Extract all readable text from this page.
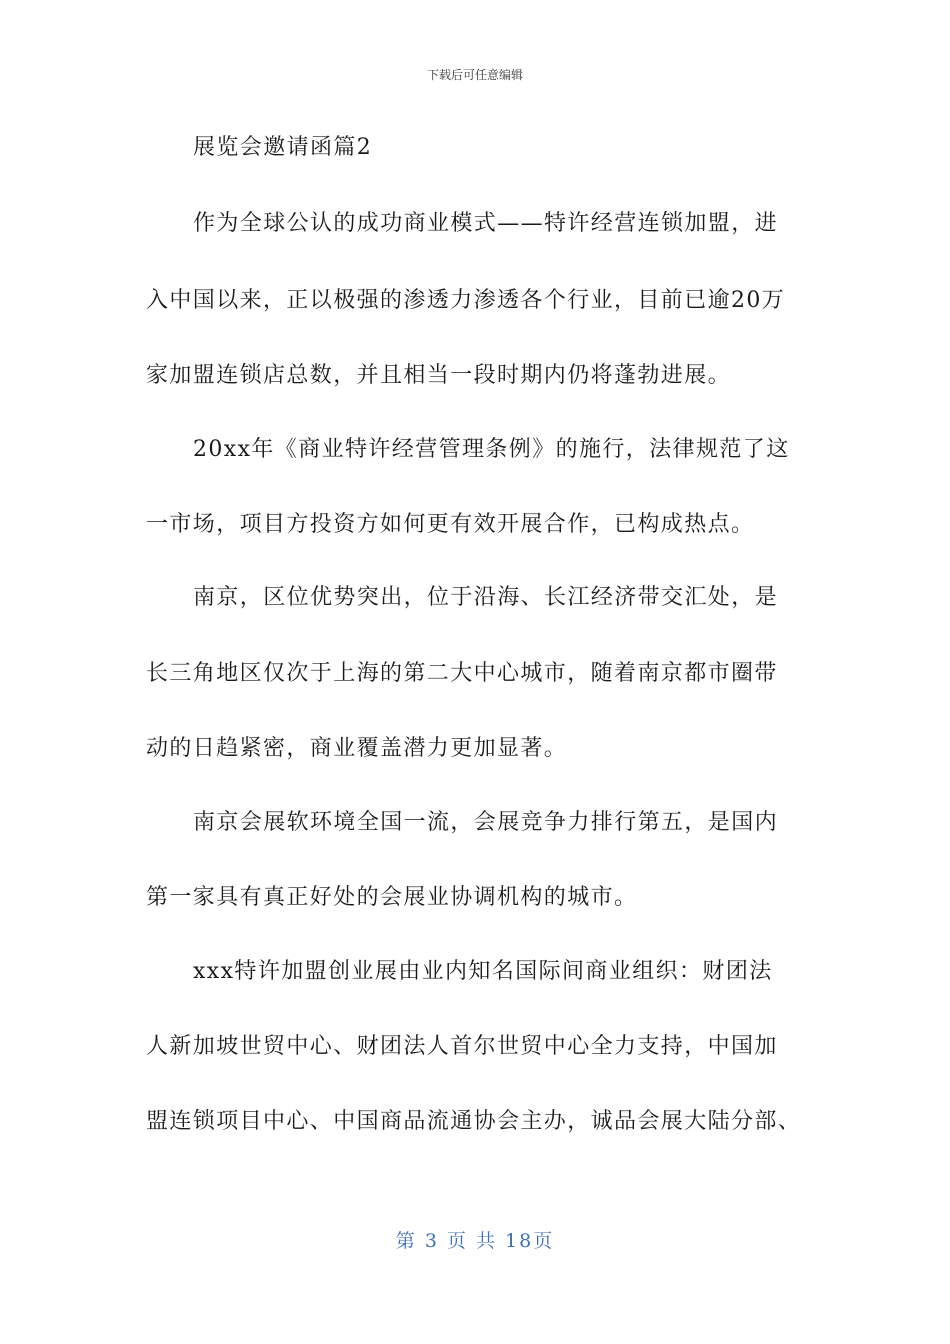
下载后可任意编辑
展览会邀请函篇2
作为全球公认的成功商业模式——特许经营连锁加盟，进
入中国以来，正以极强的渗透力渗透各个行业，目前已逾20万
家加盟连锁店总数，并且相当一段时期内仍将蓬勃进展。
20xx年《商业特许经营管理条例》的施行，法律规范了这
一市场，项目方投资方如何更有效开展合作，已构成热点。
南京，区位优势突出，位于沿海、长江经济带交汇处，是
长三角地区仅次于上海的第二大中心城市，随着南京都市圈带
动的日趋紧密，商业覆盖潜力更加显著。
南京会展软环境全国一流，会展竞争力排行第五，是国内
第一家具有真正好处的会展业协调机构的城市。
xxx特许加盟创业展由业内知名国际间商业组织：财团法
人新加坡世贸中心、财团法人首尔世贸中心全力支持，中国加
盟连锁项目中心、中国商品流通协会主办，诚品会展大陆分部、
第 3 页 共 18页
